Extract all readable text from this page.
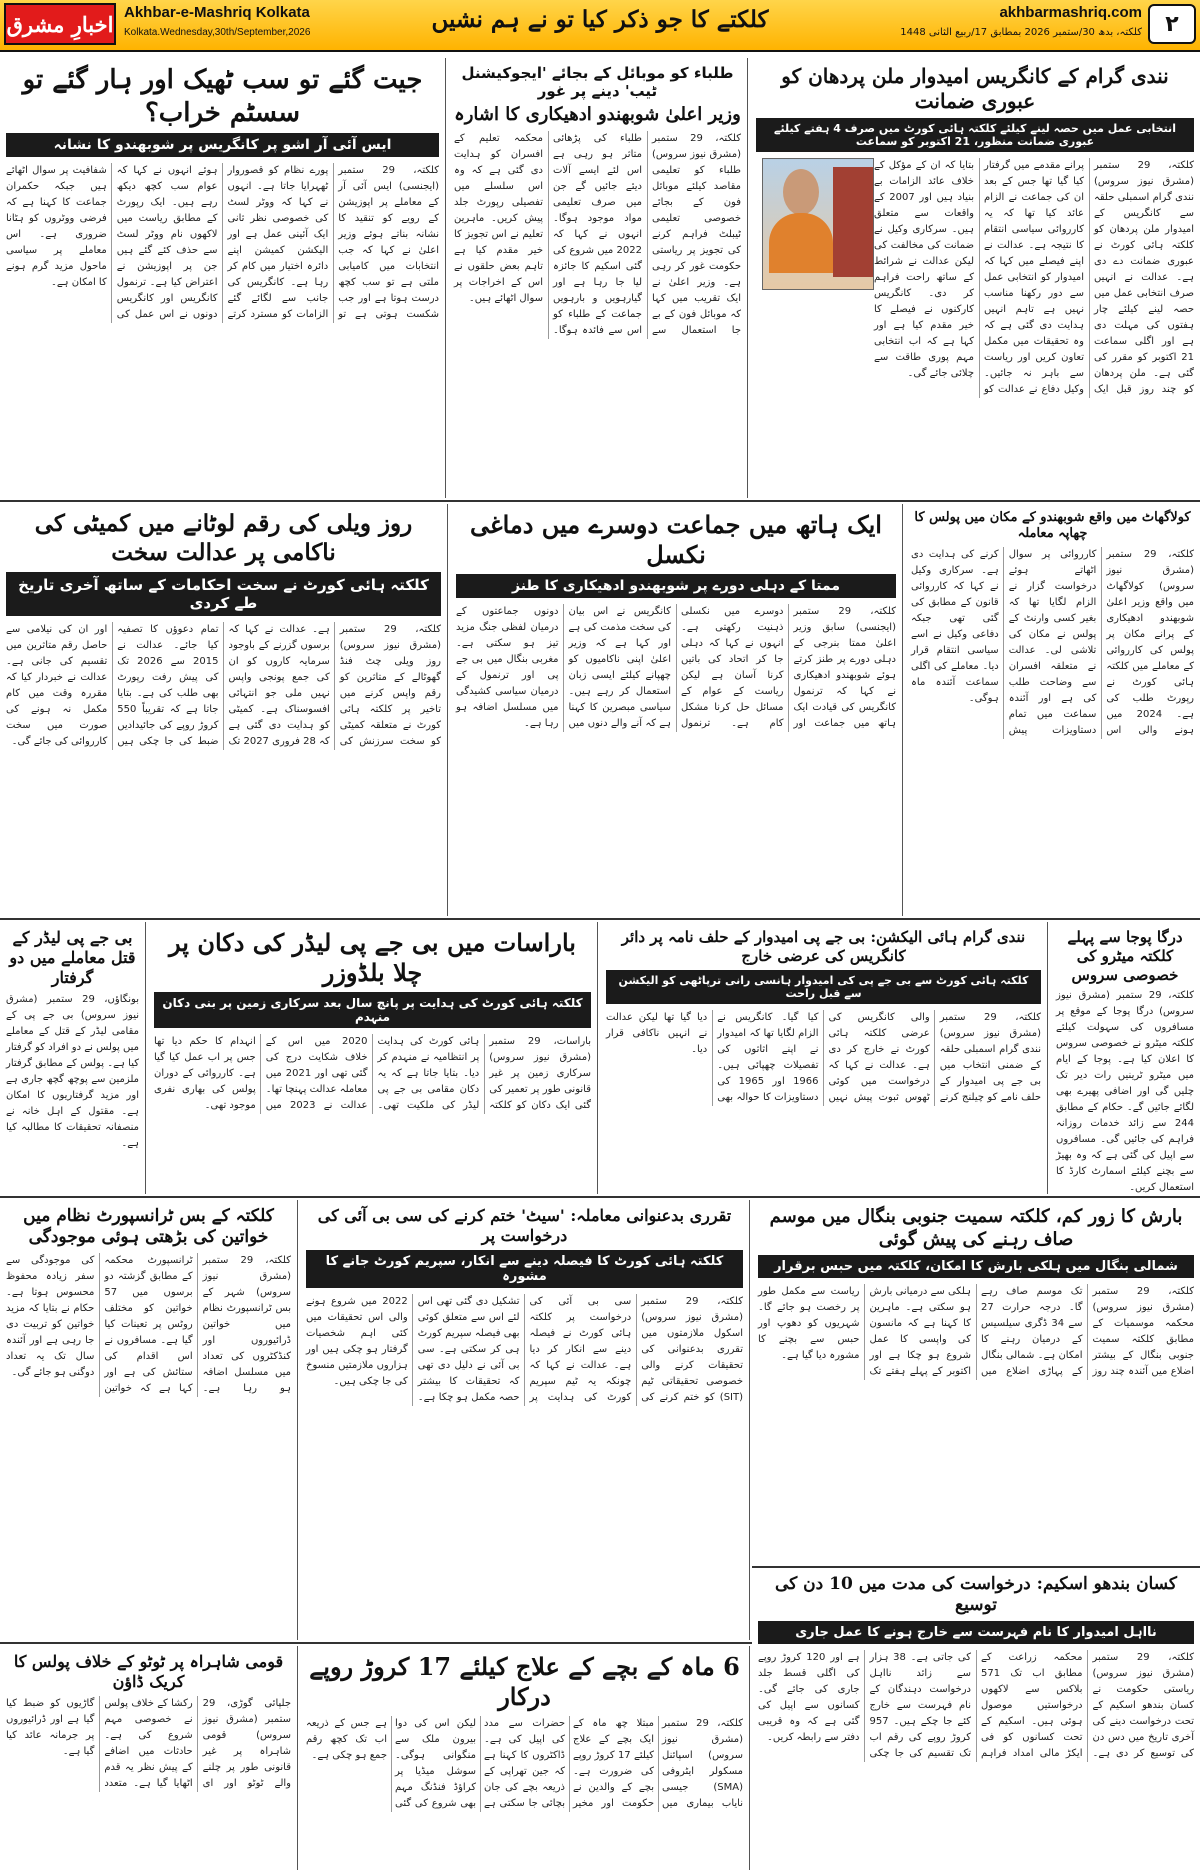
اخبارِ مشرق Akhbar-e-Mashriq Kolkata
Kolkata.Wednesday,30th/September,2026	کلکتے کا جو ذکر کیا تو نے ہم نشیں	akhbarmashriq.com
کلکتہ، بدھ 30/ستمبر 2026 بمطابق 17/ربیع الثانی 1448	۲
نندی گرام کے کانگریس امیدوار ملن پردھان کو عبوری ضمانت
انتخابی عمل میں حصہ لینے کیلئے کلکتہ ہائی کورٹ میں صرف 4 ہفتے کیلئے عبوری ضمانت منظور، 21 اکتوبر کو سماعت
کلکتہ، 29 ستمبر (مشرق نیوز سروس) نندی گرام اسمبلی حلقہ سے کانگریس کے امیدوار ملن پردھان کو کلکتہ ہائی کورٹ نے عبوری ضمانت دے دی ہے۔ عدالت نے انہیں صرف انتخابی عمل میں حصہ لینے کیلئے چار ہفتوں کی مہلت دی ہے اور اگلی سماعت 21 اکتوبر کو مقرر کی گئی ہے۔ ملن پردھان کو چند روز قبل ایک پرانے مقدمے میں گرفتار کیا گیا تھا جس کے بعد ان کی جماعت نے الزام عائد کیا تھا کہ یہ کارروائی سیاسی انتقام کا نتیجہ ہے۔ عدالت نے اپنے فیصلے میں کہا کہ امیدوار کو انتخابی عمل سے دور رکھنا مناسب نہیں ہے تاہم انہیں ہدایت دی گئی ہے کہ وہ تحقیقات میں مکمل تعاون کریں اور ریاست سے باہر نہ جائیں۔ وکیل دفاع نے عدالت کو بتایا کہ ان کے مؤکل کے خلاف عائد الزامات بے بنیاد ہیں اور 2007 کے واقعات سے متعلق ہیں۔ سرکاری وکیل نے ضمانت کی مخالفت کی لیکن عدالت نے شرائط کے ساتھ راحت فراہم کر دی۔ کانگریس کارکنوں نے فیصلے کا خیر مقدم کیا ہے اور کہا ہے کہ اب انتخابی مہم پوری طاقت سے چلائی جائے گی۔
طلباء کو موبائل کے بجائے 'ایجوکیشنل ٹیب' دینے پر غور
وزیر اعلیٰ شوبھندو ادھیکاری کا اشارہ
کلکتہ، 29 ستمبر (مشرق نیوز سروس) طلباء کو تعلیمی مقاصد کیلئے موبائل فون کے بجائے خصوصی تعلیمی ٹیبلٹ فراہم کرنے کی تجویز پر ریاستی حکومت غور کر رہی ہے۔ وزیر اعلیٰ نے ایک تقریب میں کہا کہ موبائل فون کے بے جا استعمال سے طلباء کی پڑھائی متاثر ہو رہی ہے اس لئے ایسے آلات دیئے جائیں گے جن میں صرف تعلیمی مواد موجود ہوگا۔ انہوں نے کہا کہ 2022 میں شروع کی گئی اسکیم کا جائزہ لیا جا رہا ہے اور گیارہویں و بارہویں جماعت کے طلباء کو اس سے فائدہ ہوگا۔ محکمہ تعلیم کے افسران کو ہدایت دی گئی ہے کہ وہ اس سلسلے میں تفصیلی رپورٹ جلد پیش کریں۔ ماہرین تعلیم نے اس تجویز کا خیر مقدم کیا ہے تاہم بعض حلقوں نے اس کے اخراجات پر سوال اٹھائے ہیں۔
جیت گئے تو سب ٹھیک اور ہار گئے تو سسٹم خراب؟
ایس آئی آر اشو پر کانگریس پر شوبھندو کا نشانہ
کلکتہ، 29 ستمبر (ایجنسی) ایس آئی آر کے معاملے پر اپوزیشن کے رویے کو تنقید کا نشانہ بناتے ہوئے وزیر اعلیٰ نے کہا کہ جب انتخابات میں کامیابی ملتی ہے تو سب کچھ درست ہوتا ہے اور جب شکست ہوتی ہے تو پورے نظام کو قصوروار ٹھہرایا جاتا ہے۔ انہوں نے کہا کہ ووٹر لسٹ کی خصوصی نظر ثانی ایک آئینی عمل ہے اور الیکشن کمیشن اپنے دائرہ اختیار میں کام کر رہا ہے۔ کانگریس کی جانب سے لگائے گئے الزامات کو مسترد کرتے ہوئے انہوں نے کہا کہ عوام سب کچھ دیکھ رہے ہیں۔ ایک رپورٹ کے مطابق ریاست میں لاکھوں نام ووٹر لسٹ سے حذف کئے گئے ہیں جن پر اپوزیشن نے اعتراض کیا ہے۔ ترنمول کانگریس اور کانگریس دونوں نے اس عمل کی شفافیت پر سوال اٹھائے ہیں جبکہ حکمران جماعت کا کہنا ہے کہ فرضی ووٹروں کو ہٹانا ضروری ہے۔ اس معاملے پر سیاسی ماحول مزید گرم ہونے کا امکان ہے۔
کولاگھاٹ میں واقع شوبھندو کے مکان میں پولس کا چھاپہ معاملہ
کلکتہ، 29 ستمبر (مشرق نیوز سروس) کولاگھاٹ میں واقع وزیر اعلیٰ شوبھندو ادھیکاری کے پرانے مکان پر پولس کی کارروائی کے معاملے میں کلکتہ ہائی کورٹ نے رپورٹ طلب کی ہے۔ 2024 میں ہونے والی اس کارروائی پر سوال اٹھاتے ہوئے درخواست گزار نے الزام لگایا تھا کہ بغیر کسی وارنٹ کے پولس نے مکان کی تلاشی لی۔ عدالت نے متعلقہ افسران سے وضاحت طلب کی ہے اور آئندہ سماعت میں تمام دستاویزات پیش کرنے کی ہدایت دی ہے۔ سرکاری وکیل نے کہا کہ کارروائی قانون کے مطابق کی گئی تھی جبکہ دفاعی وکیل نے اسے سیاسی انتقام قرار دیا۔ معاملے کی اگلی سماعت آئندہ ماہ ہوگی۔
ایک ہاتھ میں جماعت دوسرے میں دماغی نکسل
ممتا کے دہلی دورے پر شوبھندو ادھیکاری کا طنز
کلکتہ، 29 ستمبر (ایجنسی) سابق وزیر اعلیٰ ممتا بنرجی کے دہلی دورے پر طنز کرتے ہوئے شوبھندو ادھیکاری نے کہا کہ ترنمول کانگریس کی قیادت ایک ہاتھ میں جماعت اور دوسرے میں نکسلی ذہنیت رکھتی ہے۔ انہوں نے کہا کہ دہلی جا کر اتحاد کی باتیں کرنا آسان ہے لیکن ریاست کے عوام کے مسائل حل کرنا مشکل کام ہے۔ ترنمول کانگریس نے اس بیان کی سخت مذمت کی ہے اور کہا ہے کہ وزیر اعلیٰ اپنی ناکامیوں کو چھپانے کیلئے ایسی زبان استعمال کر رہے ہیں۔ سیاسی مبصرین کا کہنا ہے کہ آنے والے دنوں میں دونوں جماعتوں کے درمیان لفظی جنگ مزید تیز ہو سکتی ہے۔ مغربی بنگال میں بی جے پی اور ترنمول کے درمیان سیاسی کشیدگی میں مسلسل اضافہ ہو رہا ہے۔
روز ویلی کی رقم لوٹانے میں کمیٹی کی ناکامی پر عدالت سخت
کلکتہ ہائی کورٹ نے سخت احکامات کے ساتھ آخری تاریخ طے کردی
کلکتہ، 29 ستمبر (مشرق نیوز سروس) روز ویلی چٹ فنڈ گھوٹالے کے متاثرین کو رقم واپس کرنے میں تاخیر پر کلکتہ ہائی کورٹ نے متعلقہ کمیٹی کو سخت سرزنش کی ہے۔ عدالت نے کہا کہ برسوں گزرنے کے باوجود سرمایہ کاروں کو ان کی جمع پونجی واپس نہیں ملی جو انتہائی افسوسناک ہے۔ کمیٹی کو ہدایت دی گئی ہے کہ 28 فروری 2027 تک تمام دعوؤں کا تصفیہ کیا جائے۔ عدالت نے 2015 سے 2026 تک کی پیش رفت رپورٹ بھی طلب کی ہے۔ بتایا جاتا ہے کہ تقریباً 550 کروڑ روپے کی جائیدادیں ضبط کی جا چکی ہیں اور ان کی نیلامی سے حاصل رقم متاثرین میں تقسیم کی جانی ہے۔ عدالت نے خبردار کیا کہ مقررہ وقت میں کام مکمل نہ ہونے کی صورت میں سخت کارروائی کی جائے گی۔
درگا پوجا سے پہلے کلکتہ میٹرو کی خصوصی سروس
کلکتہ، 29 ستمبر (مشرق نیوز سروس) درگا پوجا کے موقع پر مسافروں کی سہولت کیلئے کلکتہ میٹرو نے خصوصی سروس کا اعلان کیا ہے۔ پوجا کے ایام میں میٹرو ٹرینیں رات دیر تک چلیں گی اور اضافی پھیرے بھی لگائے جائیں گے۔ حکام کے مطابق 244 سے زائد خدمات روزانہ فراہم کی جائیں گی۔ مسافروں سے اپیل کی گئی ہے کہ وہ بھیڑ سے بچنے کیلئے اسمارٹ کارڈ کا استعمال کریں۔
نندی گرام ہائی الیکشن: بی جے پی امیدوار کے حلف نامہ پر دائر کانگریس کی عرضی خارج
کلکتہ ہائی کورٹ سے بی جے پی کی امیدوار ہانسی رانی ترپاٹھی کو الیکشن سے قبل راحت
کلکتہ، 29 ستمبر (مشرق نیوز سروس) نندی گرام اسمبلی حلقہ کے ضمنی انتخاب میں بی جے پی امیدوار کے حلف نامے کو چیلنج کرنے والی کانگریس کی عرضی کلکتہ ہائی کورٹ نے خارج کر دی ہے۔ عدالت نے کہا کہ درخواست میں کوئی ٹھوس ثبوت پیش نہیں کیا گیا۔ کانگریس نے الزام لگایا تھا کہ امیدوار نے اپنے اثاثوں کی تفصیلات چھپائی ہیں۔ 1966 اور 1965 کی دستاویزات کا حوالہ بھی دیا گیا تھا لیکن عدالت نے انہیں ناکافی قرار دیا۔
باراسات میں بی جے پی لیڈر کی دکان پر چلا بلڈوزر
کلکتہ ہائی کورٹ کی ہدایت پر پانچ سال بعد سرکاری زمین پر بنی دکان منہدم
باراسات، 29 ستمبر (مشرق نیوز سروس) سرکاری زمین پر غیر قانونی طور پر تعمیر کی گئی ایک دکان کو کلکتہ ہائی کورٹ کی ہدایت پر انتظامیہ نے منہدم کر دیا۔ بتایا جاتا ہے کہ یہ دکان مقامی بی جے پی لیڈر کی ملکیت تھی۔ 2020 میں اس کے خلاف شکایت درج کی گئی تھی اور 2021 میں معاملہ عدالت پہنچا تھا۔ عدالت نے 2023 میں انہدام کا حکم دیا تھا جس پر اب عمل کیا گیا ہے۔ کارروائی کے دوران پولس کی بھاری نفری موجود تھی۔
بی جے پی لیڈر کے قتل معاملے میں دو گرفتار
بونگاؤں، 29 ستمبر (مشرق نیوز سروس) بی جے پی کے مقامی لیڈر کے قتل کے معاملے میں پولس نے دو افراد کو گرفتار کیا ہے۔ پولس کے مطابق گرفتار ملزمین سے پوچھ گچھ جاری ہے اور مزید گرفتاریوں کا امکان ہے۔ مقتول کے اہل خانہ نے منصفانہ تحقیقات کا مطالبہ کیا ہے۔
بارش کا زور کم، کلکتہ سمیت جنوبی بنگال میں موسم صاف رہنے کی پیش گوئی
شمالی بنگال میں ہلکی بارش کا امکان، کلکتہ میں حبس برقرار
کلکتہ، 29 ستمبر (مشرق نیوز سروس) محکمہ موسمیات کے مطابق کلکتہ سمیت جنوبی بنگال کے بیشتر اضلاع میں آئندہ چند روز تک موسم صاف رہے گا۔ درجہ حرارت 27 سے 34 ڈگری سیلسیس کے درمیان رہنے کا امکان ہے۔ شمالی بنگال کے پہاڑی اضلاع میں ہلکی سے درمیانی بارش ہو سکتی ہے۔ ماہرین کا کہنا ہے کہ مانسون کی واپسی کا عمل شروع ہو چکا ہے اور اکتوبر کے پہلے ہفتے تک ریاست سے مکمل طور پر رخصت ہو جائے گا۔ شہریوں کو دھوپ اور حبس سے بچنے کا مشورہ دیا گیا ہے۔
تقرری بدعنوانی معاملہ: 'سیٹ' ختم کرنے کی سی بی آئی کی درخواست پر
کلکتہ ہائی کورٹ کا فیصلہ دینے سے انکار، سپریم کورٹ جانے کا مشورہ
کلکتہ، 29 ستمبر (مشرق نیوز سروس) اسکول ملازمتوں میں تقرری بدعنوانی کی تحقیقات کرنے والی خصوصی تحقیقاتی ٹیم (SIT) کو ختم کرنے کی سی بی آئی کی درخواست پر کلکتہ ہائی کورٹ نے فیصلہ دینے سے انکار کر دیا ہے۔ عدالت نے کہا کہ چونکہ یہ ٹیم سپریم کورٹ کی ہدایت پر تشکیل دی گئی تھی اس لئے اس سے متعلق کوئی بھی فیصلہ سپریم کورٹ ہی کر سکتی ہے۔ سی بی آئی نے دلیل دی تھی کہ تحقیقات کا بیشتر حصہ مکمل ہو چکا ہے۔ 2022 میں شروع ہونے والی اس تحقیقات میں کئی اہم شخصیات گرفتار ہو چکی ہیں اور ہزاروں ملازمتیں منسوخ کی جا چکی ہیں۔
کلکتہ کے بس ٹرانسپورٹ نظام میں خواتین کی بڑھتی ہوئی موجودگی
کلکتہ، 29 ستمبر (مشرق نیوز سروس) شہر کے بس ٹرانسپورٹ نظام میں خواتین ڈرائیوروں اور کنڈکٹروں کی تعداد میں مسلسل اضافہ ہو رہا ہے۔ ٹرانسپورٹ محکمہ کے مطابق گزشتہ دو برسوں میں 57 خواتین کو مختلف روٹس پر تعینات کیا گیا ہے۔ مسافروں نے اس اقدام کی ستائش کی ہے اور کہا ہے کہ خواتین کی موجودگی سے سفر زیادہ محفوظ محسوس ہوتا ہے۔ حکام نے بتایا کہ مزید خواتین کو تربیت دی جا رہی ہے اور آئندہ سال تک یہ تعداد دوگنی ہو جائے گی۔
کسان بندھو اسکیم: درخواست کی مدت میں 10 دن کی توسیع
نااہل امیدوار کا نام فہرست سے خارج ہونے کا عمل جاری
کلکتہ، 29 ستمبر (مشرق نیوز سروس) ریاستی حکومت نے کسان بندھو اسکیم کے تحت درخواست دینے کی آخری تاریخ میں دس دن کی توسیع کر دی ہے۔ محکمہ زراعت کے مطابق اب تک 571 بلاکس سے لاکھوں درخواستیں موصول ہوئی ہیں۔ اسکیم کے تحت کسانوں کو فی ایکڑ مالی امداد فراہم کی جاتی ہے۔ 38 ہزار سے زائد نااہل درخواست دہندگان کے نام فہرست سے خارج کئے جا چکے ہیں۔ 957 کروڑ روپے کی رقم اب تک تقسیم کی جا چکی ہے اور 120 کروڑ روپے کی اگلی قسط جلد جاری کی جائے گی۔ کسانوں سے اپیل کی گئی ہے کہ وہ قریبی دفتر سے رابطہ کریں۔
6 ماہ کے بچے کے علاج کیلئے 17 کروڑ روپے درکار
کلکتہ، 29 ستمبر (مشرق نیوز سروس) اسپائنل مسکولر ایٹروفی (SMA) جیسی نایاب بیماری میں مبتلا چھ ماہ کے ایک بچے کے علاج کیلئے 17 کروڑ روپے کی ضرورت ہے۔ بچے کے والدین نے حکومت اور مخیر حضرات سے مدد کی اپیل کی ہے۔ ڈاکٹروں کا کہنا ہے کہ جین تھراپی کے ذریعہ بچے کی جان بچائی جا سکتی ہے لیکن اس کی دوا بیرون ملک سے منگوانی ہوگی۔ سوشل میڈیا پر کراؤڈ فنڈنگ مہم بھی شروع کی گئی ہے جس کے ذریعہ اب تک کچھ رقم جمع ہو چکی ہے۔
قومی شاہراہ پر ٹوٹو کے خلاف پولس کا کریک ڈاؤن
جلپائی گوڑی، 29 ستمبر (مشرق نیوز سروس) قومی شاہراہ پر غیر قانونی طور پر چلنے والے ٹوٹو اور ای رکشا کے خلاف پولس نے خصوصی مہم شروع کی ہے۔ حادثات میں اضافے کے پیش نظر یہ قدم اٹھایا گیا ہے۔ متعدد گاڑیوں کو ضبط کیا گیا ہے اور ڈرائیوروں پر جرمانہ عائد کیا گیا ہے۔
